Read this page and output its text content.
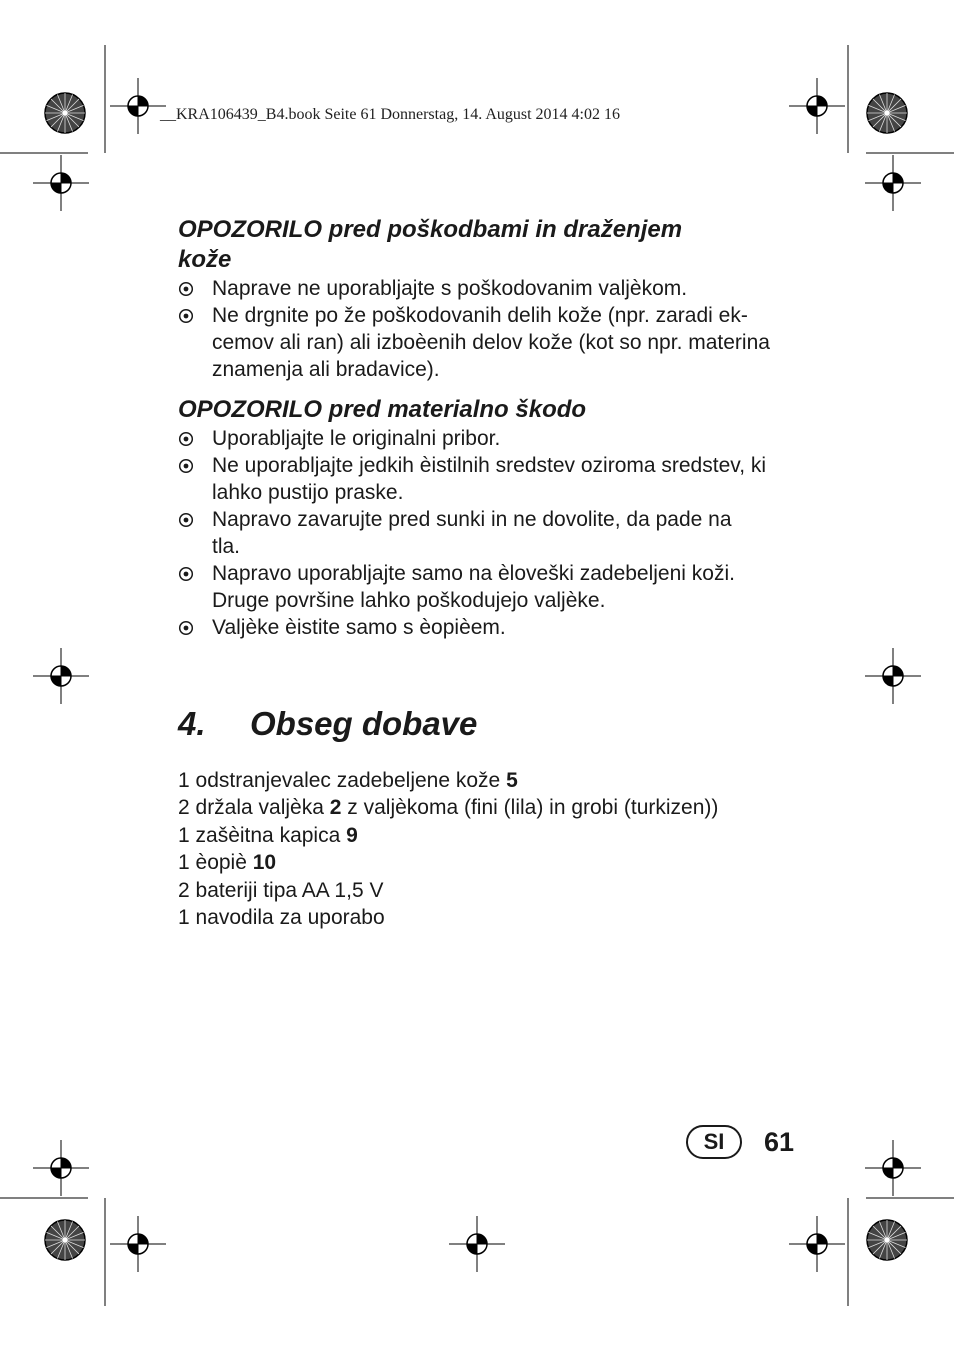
__KRA106439_B4.book Seite 61 Donnerstag, 14. August 2014 4:02 16

OPOZORILO pred poškodbami in draženjem
kože

Naprave ne uporabljajte s poškodovanim valjèkom.
Ne drgnite po že poškodovanih delih kože (npr. zaradi ek-
cemov ali ran) ali izboèenih delov kože (kot so npr. materina
znamenja ali bradavice).

OPOZORILO pred materialno škodo

Uporabljajte le originalni pribor.
Ne uporabljajte jedkih èistilnih sredstev oziroma sredstev, ki
lahko pustijo praske.
Napravo zavarujte pred sunki in ne dovolite, da pade na
tla.
Napravo uporabljajte samo na èloveški zadebeljeni koži.
Druge površine lahko poškodujejo valjèke.
Valjèke èistite samo s èopièem.
4. Obseg dobave
1 odstranjevalec zadebeljene kože 5
2 držala valjèka 2 z valjèkoma (fini (lila) in grobi (turkizen))
1 zašèitna kapica 9
1 èopiè 10
2 bateriji tipa AA 1,5 V
1 navodila za uporabo
SI	61
